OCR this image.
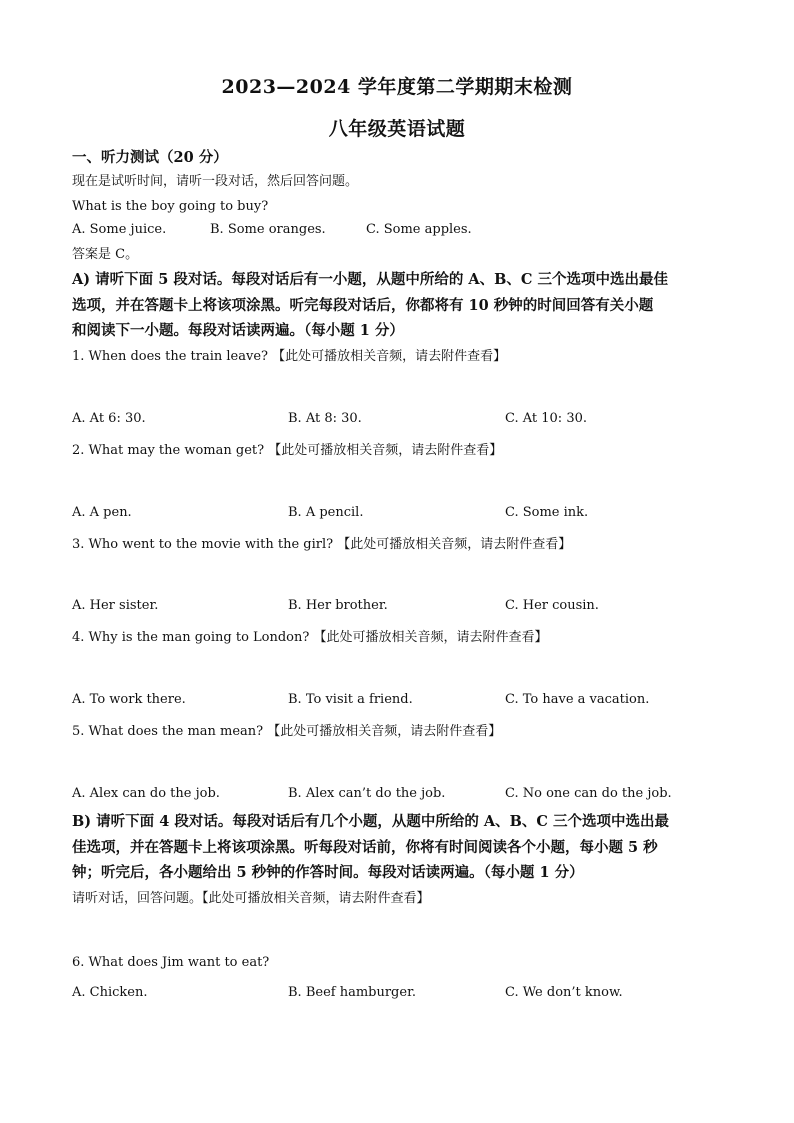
2023—2024 学年度第二学期期末检测
八年级英语试题
一、听力测试（20 分）
现在是试听时间，请听一段对话，然后回答问题。
What is the boy going to buy?
A. Some juice.	B. Some oranges.	C. Some apples.
答案是 C。
A) 请听下面 5 段对话。每段对话后有一小题，从题中所给的 A、B、C 三个选项中选出最佳
选项，并在答题卡上将该项涂黑。听完每段对话后，你都将有 10 秒钟的时间回答有关小题
和阅读下一小题。每段对话读两遍。（每小题 1 分）
1. When does the train leave? 【此处可播放相关音频，请去附件查看】
A. At 6: 30.	B. At 8: 30.	C. At 10: 30.
2. What may the woman get? 【此处可播放相关音频，请去附件查看】
A. A pen.	B. A pencil.	C. Some ink.
3. Who went to the movie with the girl? 【此处可播放相关音频，请去附件查看】
A. Her sister.	B. Her brother.	C. Her cousin.
4. Why is the man going to London? 【此处可播放相关音频，请去附件查看】
A. To work there.	B. To visit a friend.	C. To have a vacation.
5. What does the man mean? 【此处可播放相关音频，请去附件查看】
A. Alex can do the job.	B. Alex can’t do the job.	C. No one can do the job.
B) 请听下面 4 段对话。每段对话后有几个小题，从题中所给的 A、B、C 三个选项中选出最
佳选项，并在答题卡上将该项涂黑。听每段对话前，你将有时间阅读各个小题，每小题 5 秒
钟；听完后，各小题给出 5 秒钟的作答时间。每段对话读两遍。（每小题 1 分）
请听对话，回答问题。【此处可播放相关音频，请去附件查看】
6. What does Jim want to eat?
A. Chicken.	B. Beef hamburger.	C. We don’t know.
